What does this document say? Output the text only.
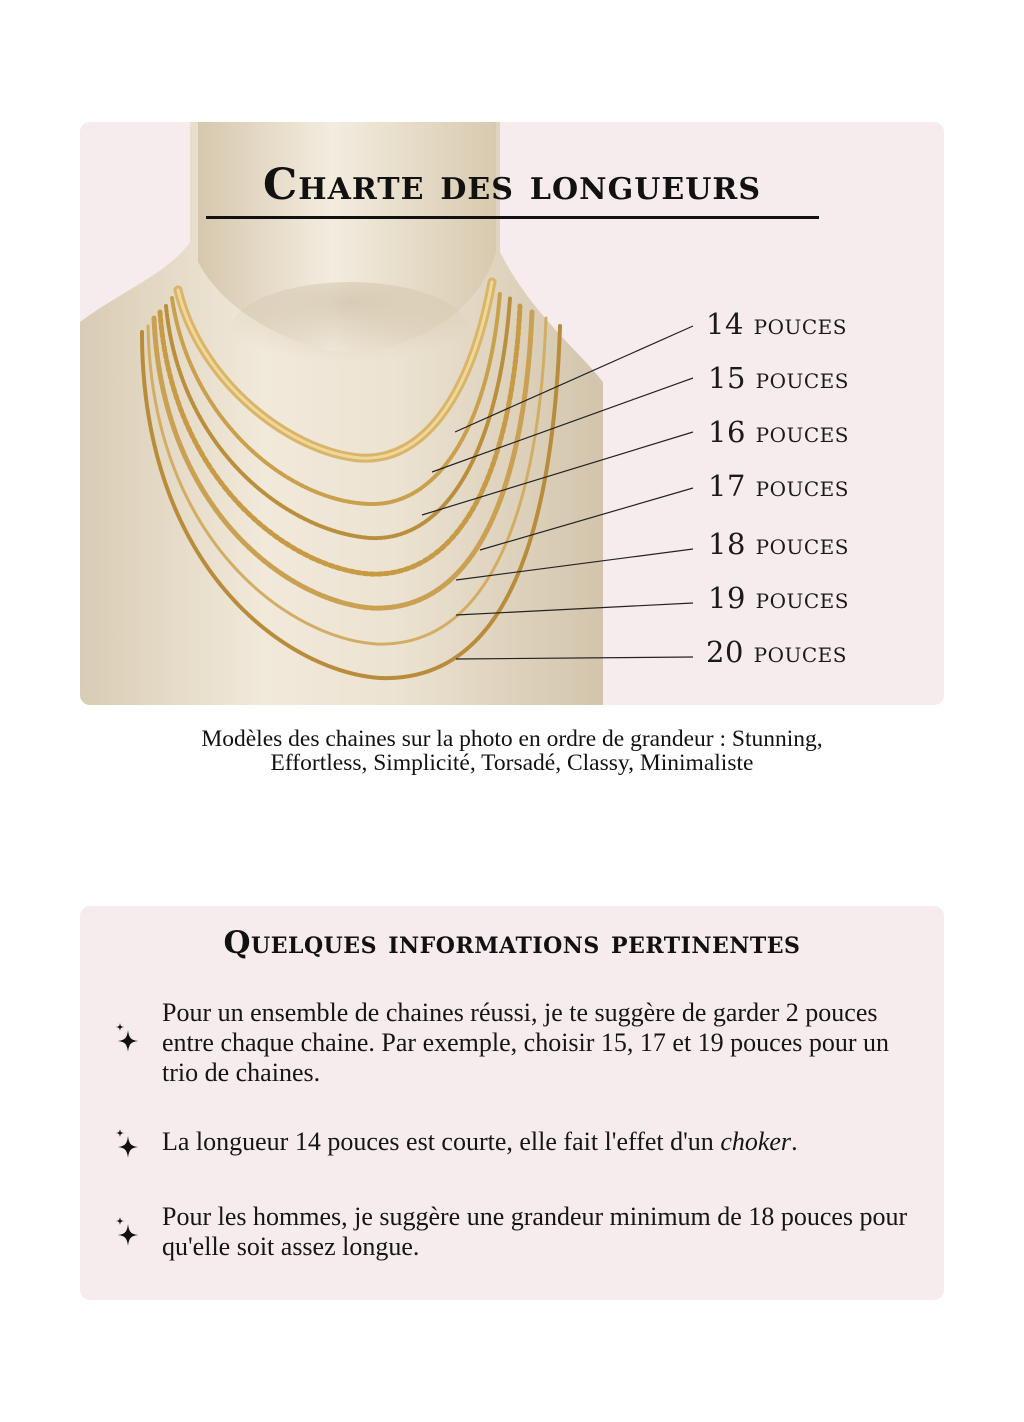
Charte des longueurs
14 pouces
15 pouces
16 pouces
17 pouces
18 pouces
19 pouces
20 pouces
Modèles des chaines sur la photo en ordre de grandeur : Stunning,
Effortless, Simplicité, Torsadé, Classy, Minimaliste
Quelques informations pertinentes
Pour un ensemble de chaines réussi, je te suggère de garder 2 pouces entre chaque chaine. Par exemple, choisir 15, 17 et 19 pouces pour un trio de chaines.
La longueur 14 pouces est courte, elle fait l'effet d'un choker.
Pour les hommes, je suggère une grandeur minimum de 18 pouces pour qu'elle soit assez longue.
